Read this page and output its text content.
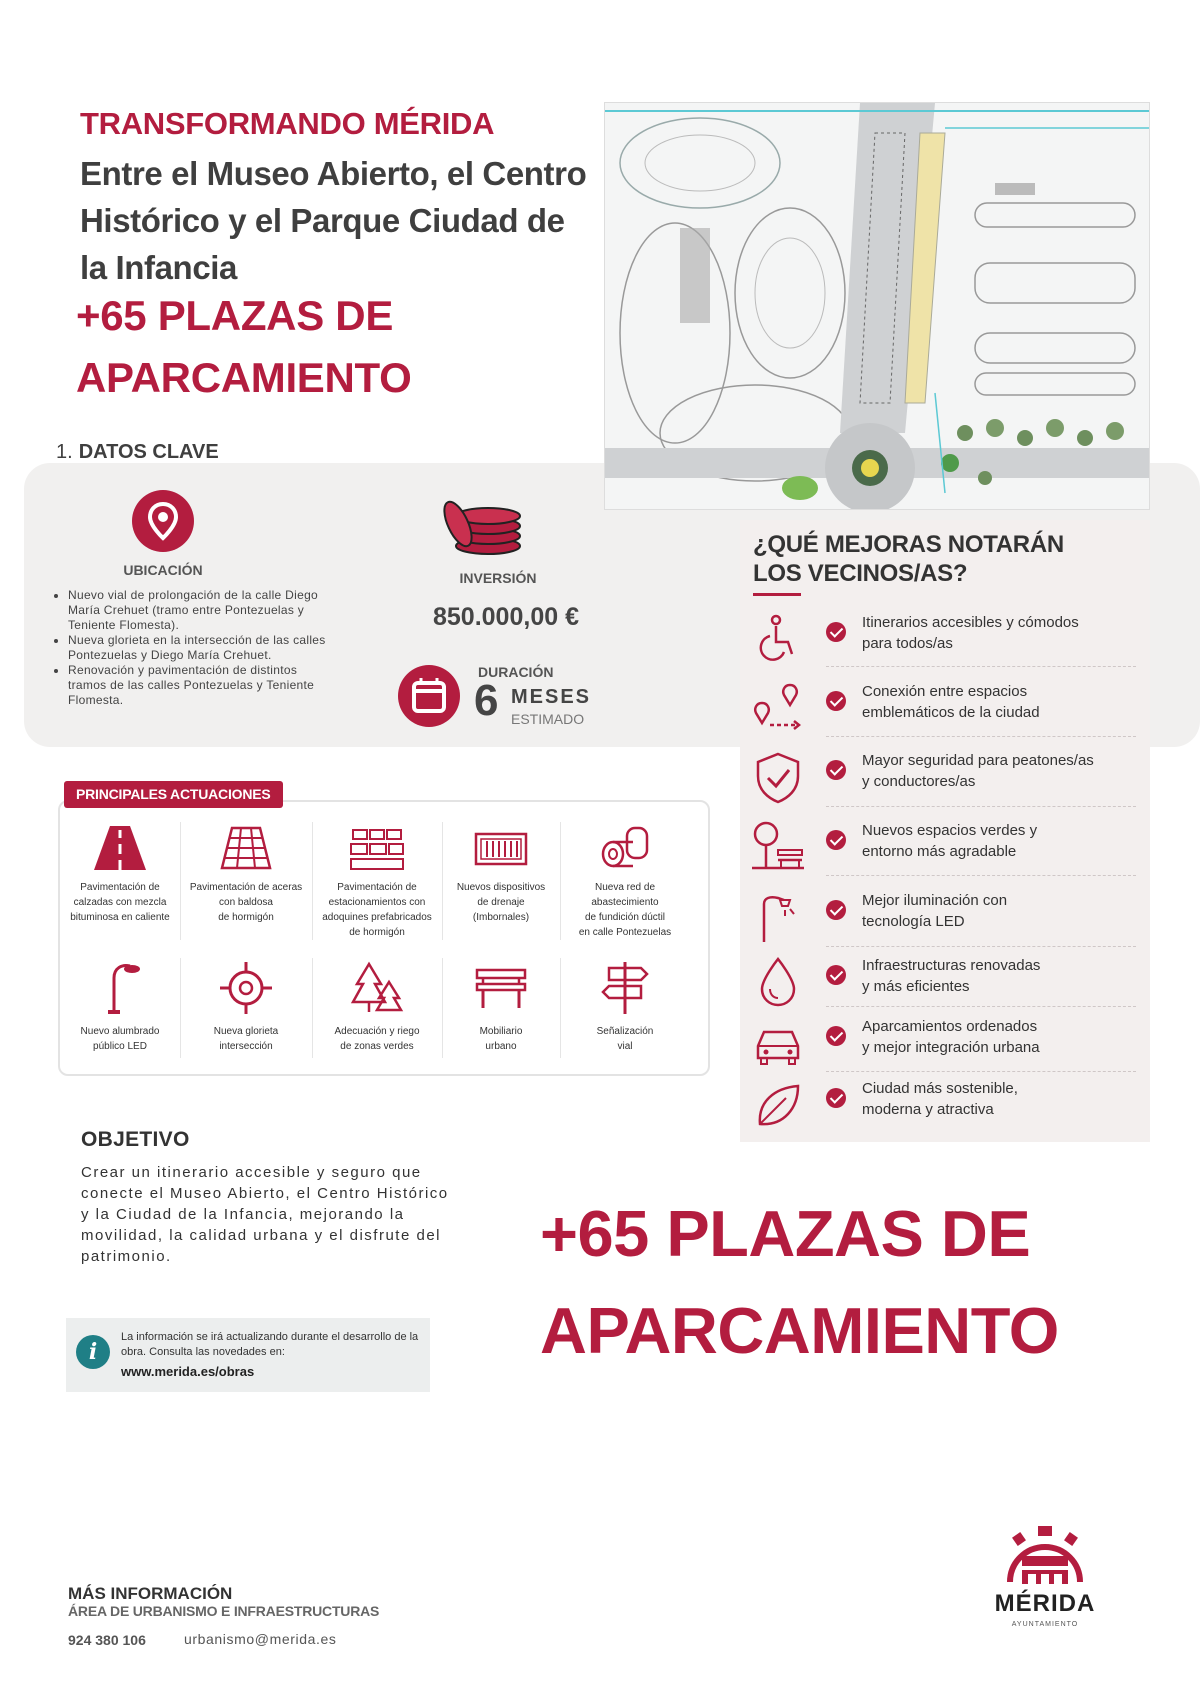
TRANSFORMANDO MÉRIDA
Entre el Museo Abierto, el Centro Histórico y el Parque Ciudad de la Infancia
+65 PLAZAS DE
APARCAMIENTO
1. DATOS CLAVE
UBICACIÓN
• Nuevo vial de prolongación de la calle Diego María Crehuet (tramo entre Pontezuelas y Teniente Flomesta).
• Nueva glorieta en la intersección de las calles Pontezuelas y Diego María Crehuet.
• Renovación y pavimentación de distintos tramos de las calles Pontezuelas y Teniente Flomesta.
INVERSIÓN
850.000,00 €
DURACIÓN
6 MESES
ESTIMADO
¿QUÉ MEJORAS NOTARÁN
LOS VECINOS/AS?
Itinerarios accesibles y cómodos
para todos/as
Conexión entre espacios
emblemáticos de la ciudad
Mayor seguridad para peatones/as
y conductores/as
Nuevos espacios verdes y
entorno más agradable
Mejor iluminación con
tecnología LED
Infraestructuras renovadas
y más eficientes
Aparcamientos ordenados
y mejor integración urbana
Ciudad más sostenible,
moderna y atractiva
PRINCIPALES ACTUACIONES
Pavimentación de
calzadas con mezcla
bituminosa en caliente
Pavimentación de aceras
con baldosa
de hormigón
Pavimentación de
estacionamientos con
adoquines prefabricados
de hormigón
Nuevos dispositivos
de drenaje
(Imbornales)
Nueva red de
abastecimiento
de fundición dúctil
en calle Pontezuelas
Nuevo alumbrado
público LED
Nueva glorieta
intersección
Adecuación y riego
de zonas verdes
Mobiliario
urbano
Señalización
vial
OBJETIVO
Crear un itinerario accesible y seguro que conecte el Museo Abierto, el Centro Histórico y la Ciudad de la Infancia, mejorando la movilidad, la calidad urbana y el disfrute del patrimonio.
i
La información se irá actualizando durante el desarrollo de la obra. Consulta las novedades en:
www.merida.es/obras
+65 PLAZAS DE
APARCAMIENTO
MÁS INFORMACIÓN
ÁREA DE URBANISMO E INFRAESTRUCTURAS
924 380 106	urbanismo@merida.es
MÉRIDA
AYUNTAMIENTO
